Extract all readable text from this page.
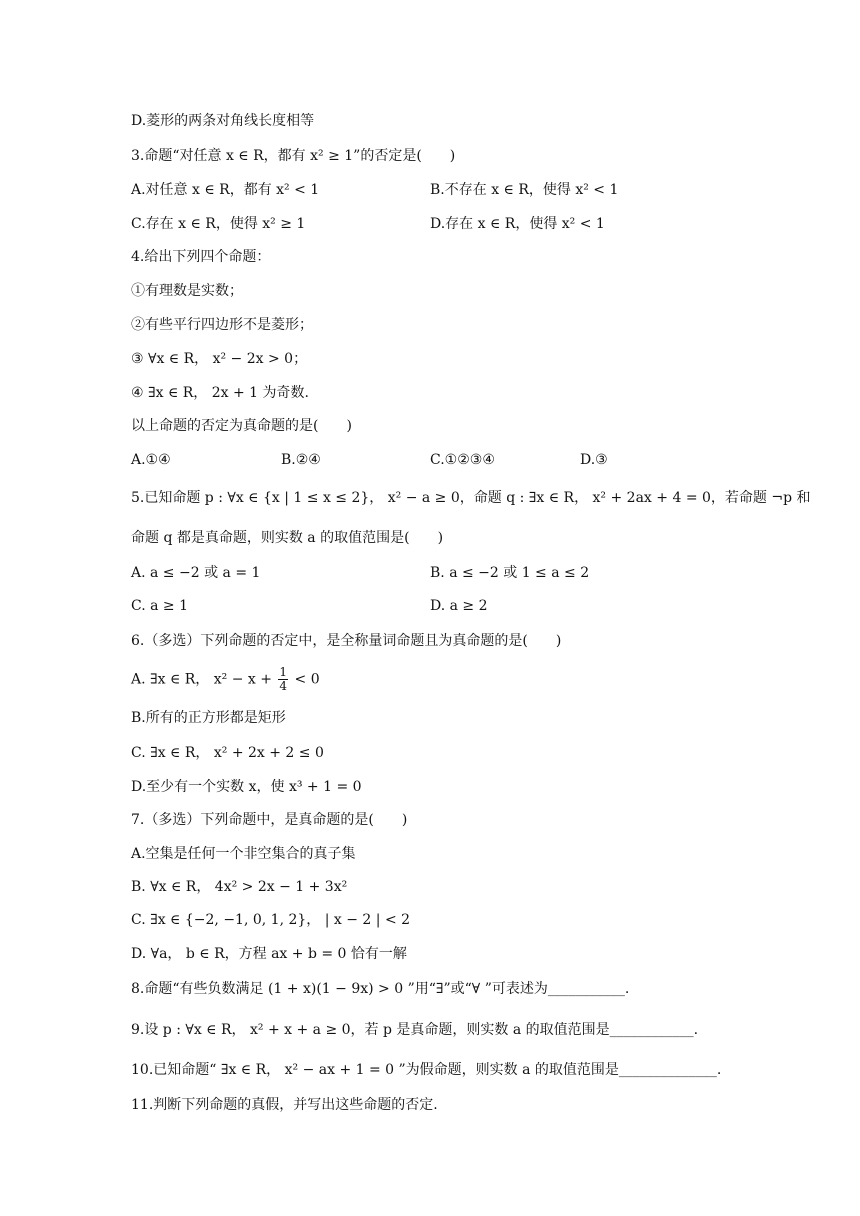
D.菱形的两条对角线长度相等
3.命题“对任意 x ∈ R，都有 x² ≥ 1”的否定是(　　)
A.对任意 x ∈ R，都有 x² < 1	B.不存在 x ∈ R，使得 x² < 1
C.存在 x ∈ R，使得 x² ≥ 1	D.存在 x ∈ R，使得 x² < 1
4.给出下列四个命题：
①有理数是实数；
②有些平行四边形不是菱形；
③ ∀x ∈ R， x² − 2x > 0；
④ ∃x ∈ R， 2x + 1 为奇数.
以上命题的否定为真命题的是(　　)
A.①④	B.②④	C.①②③④	D.③
5.已知命题 p : ∀x ∈ {x | 1 ≤ x ≤ 2}， x² − a ≥ 0，命题 q : ∃x ∈ R， x² + 2ax + 4 = 0，若命题 ¬p 和
命题 q 都是真命题，则实数 a 的取值范围是(　　)
A. a ≤ −2 或 a = 1	B. a ≤ −2 或 1 ≤ a ≤ 2
C. a ≥ 1	D. a ≥ 2
6.（多选）下列命题的否定中，是全称量词命题且为真命题的是(　　)
A. ∃x ∈ R， $x^2 - x + \frac{1}{4} < 0$
B.所有的正方形都是矩形
C. ∃x ∈ R， x² + 2x + 2 ≤ 0
D.至少有一个实数 x，使 x³ + 1 = 0
7.（多选）下列命题中，是真命题的是(　　)
A.空集是任何一个非空集合的真子集
B. ∀x ∈ R， 4x² > 2x − 1 + 3x²
C. ∃x ∈ {−2, −1, 0, 1, 2}， | x − 2 | < 2
D. ∀a， b ∈ R，方程 ax + b = 0 恰有一解
8.命题“有些负数满足 (1 + x)(1 − 9x) > 0 ”用“∃”或“∀ ”可表述为___________.
9.设 p : ∀x ∈ R， x² + x + a ≥ 0，若 p 是真命题，则实数 a 的取值范围是____________.
10.已知命题“ ∃x ∈ R， x² − ax + 1 = 0 ”为假命题，则实数 a 的取值范围是______________.
11.判断下列命题的真假，并写出这些命题的否定.
